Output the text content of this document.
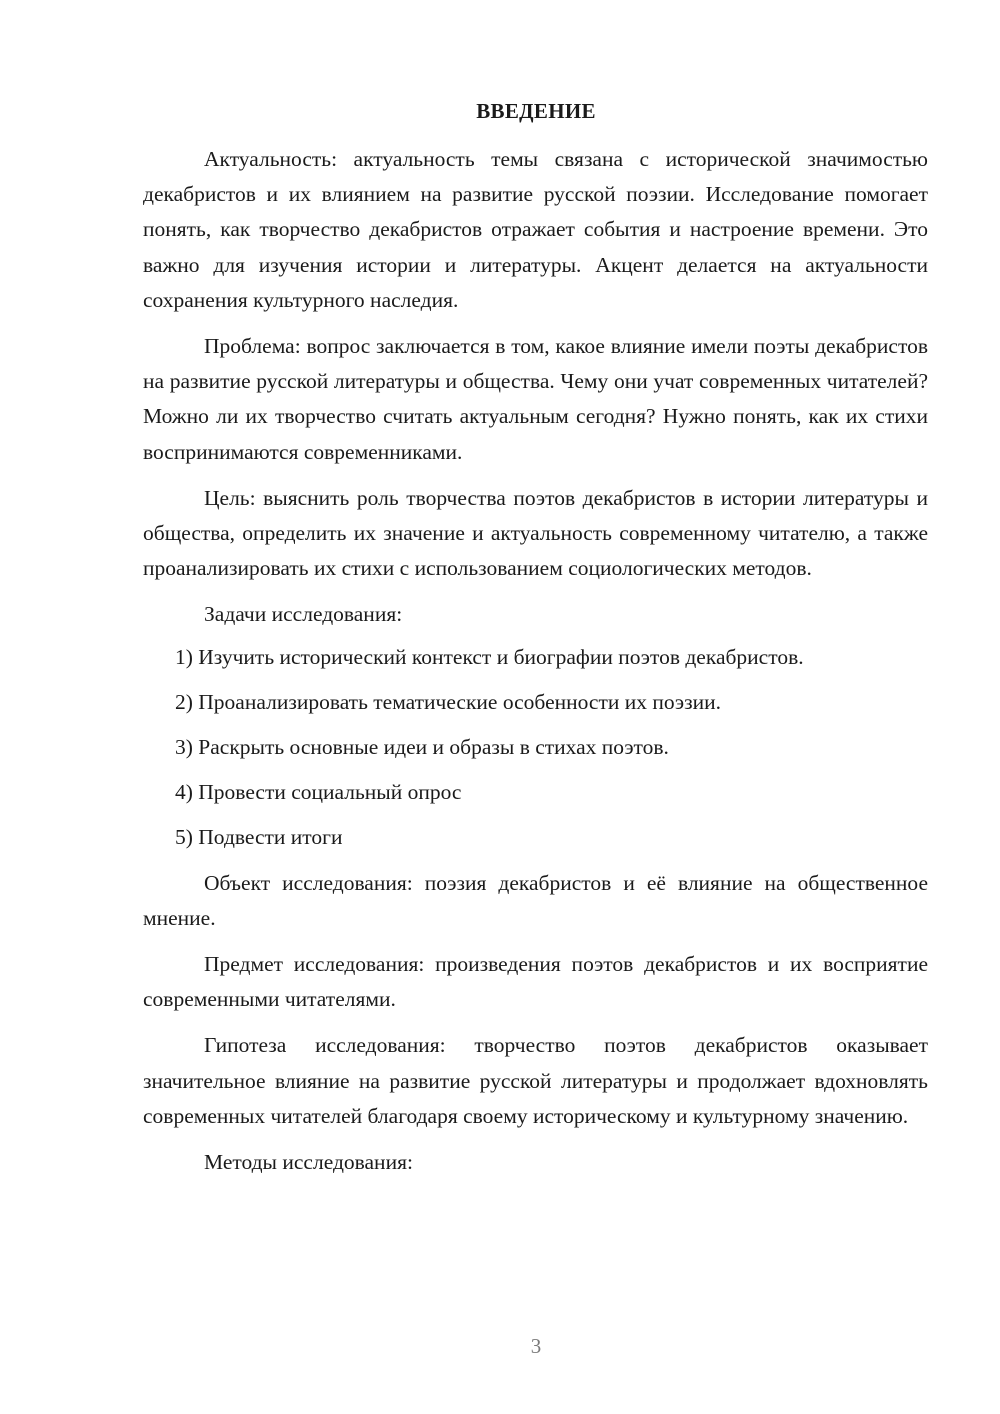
ВВЕДЕНИЕ

Актуальность: актуальность темы связана с исторической значимостью декабристов и их влиянием на развитие русской поэзии. Исследование помогает понять, как творчество декабристов отражает события и настроение времени. Это важно для изучения истории и литературы. Акцент делается на актуальности сохранения культурного наследия.

Проблема: вопрос заключается в том, какое влияние имели поэты декабристов на развитие русской литературы и общества. Чему они учат современных читателей? Можно ли их творчество считать актуальным сегодня? Нужно понять, как их стихи воспринимаются современниками.

Цель: выяснить роль творчества поэтов декабристов в истории литературы и общества, определить их значение и актуальность современному читателю, а также проанализировать их стихи с использованием социологических методов.

Задачи исследования:

1) Изучить исторический контекст и биографии поэтов декабристов.

2) Проанализировать тематические особенности их поэзии.

3) Раскрыть основные идеи и образы в стихах поэтов.

4) Провести социальный опрос

5) Подвести итоги

Объект исследования: поэзия декабристов и её влияние на общественное мнение.

Предмет исследования: произведения поэтов декабристов и их восприятие современными читателями.

Гипотеза исследования: творчество поэтов декабристов оказывает значительное влияние на развитие русской литературы и продолжает вдохновлять современных читателей благодаря своему историческому и культурному значению.

Методы исследования:

3
